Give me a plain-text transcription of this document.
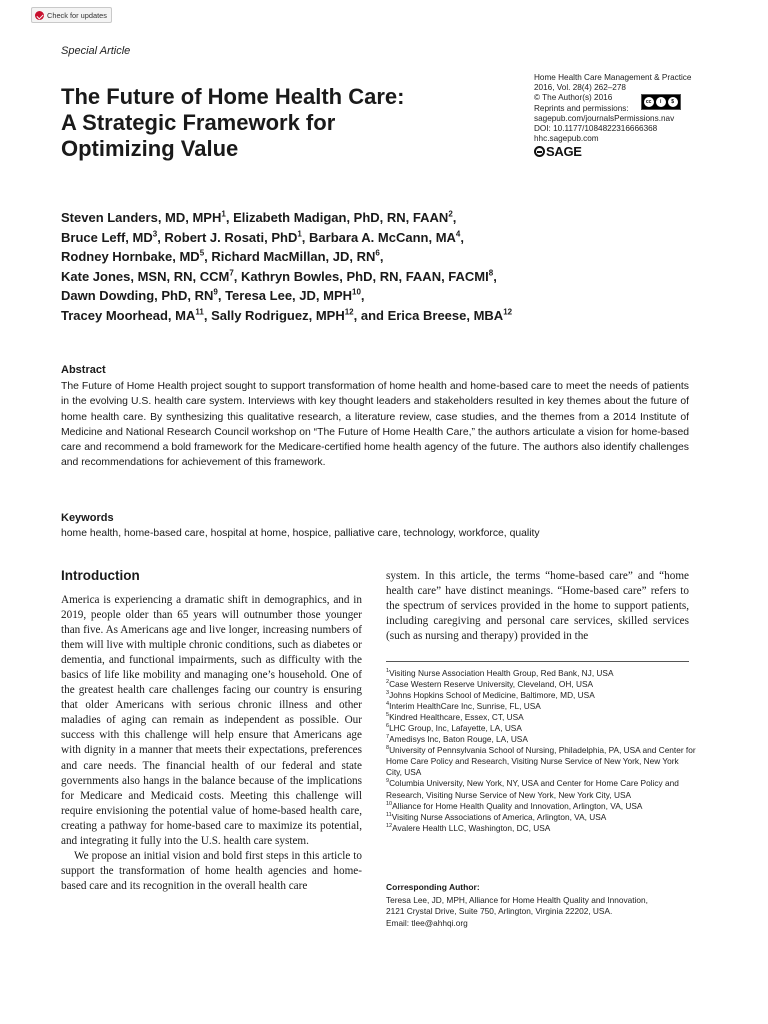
Check for updates
Special Article
The Future of Home Health Care:
A Strategic Framework for
Optimizing Value
Home Health Care Management & Practice
2016, Vol. 28(4) 262–278
© The Author(s) 2016
Reprints and permissions:
cc	i	$
sagepub.com/journalsPermissions.nav
DOI: 10.1177/1084822316666368
hhc.sagepub.com
SAGE
Steven Landers, MD, MPH$^1$, Elizabeth Madigan, PhD, RN, FAAN$^2$,
Bruce Leff, $MD^3$, Robert J. Rosati, PhD$^1$, Barbara A. McCann, $MA^4$,
Rodney Hornbake, $MD^5$, Richard MacMillan, JD, $RN^6$,
Kate Jones, MSN, RN, CCM$^7$, Kathryn Bowles, PhD, RN, FAAN, FACMI$^8$,
Dawn Dowding, PhD, $RN^9$, Teresa Lee, JD, MPH$^{10}$,
Tracey Moorhead, MA$^{11}$, Sally Rodriguez, MPH$^{12}$, and Erica Breese, MBA$^{12}$
Abstract

The Future of Home Health project sought to support transformation of home health and home-based care to meet the needs of patients in the evolving U.S. health care system. Interviews with key thought leaders and stakeholders resulted in key themes about the future of home health care. By synthesizing this qualitative research, a literature review, case studies, and the themes from a 2014 Institute of Medicine and National Research Council workshop on “The Future of Home Health Care,” the authors articulate a vision for home-based care and recommend a bold framework for the Medicare-certified home health agency of the future. The authors also identify challenges and recommendations for achievement of this framework.

Keywords
home health, home-based care, hospital at home, hospice, palliative care, technology, workforce, quality
Introduction

America is experiencing a dramatic shift in demographics, and in 2019, people older than 65 years will outnumber those younger than five. As Americans age and live longer, increasing numbers of them will live with multiple chronic conditions, such as diabetes or dementia, and functional impairments, such as difficulty with the basics of life like mobility and managing one’s household. One of the greatest health care challenges facing our country is ensuring that older Americans with serious chronic illness and other maladies of aging can remain as independent as possible. Our success with this challenge will help ensure that Americans age with dignity in a manner that meets their expectations, preferences and care needs. The financial health of our federal and state governments also hangs in the balance because of the implications for Medicare and Medicaid costs. Meeting this challenge will require envisioning the potential value of home-based health care, creating a pathway for home-based care to maximize its potential, and integrating it fully into the U.S. health care system.

We propose an initial vision and bold first steps in this article to support the transformation of home health agencies and home-based care and its recognition in the overall health care

system. In this article, the terms “home-based care” and “home health care” have distinct meanings. “Home-based care” refers to the spectrum of services provided in the home to support patients, including caregiving and personal care services, skilled services (such as nursing and therapy) provided in the

$^1$Visiting Nurse Association Health Group, Red Bank, NJ, USA
$^2$Case Western Reserve University, Cleveland, OH, USA
$^3$Johns Hopkins School of Medicine, Baltimore, MD, USA
$^4$Interim HealthCare Inc, Sunrise, FL, USA
$^5$Kindred Healthcare, Essex, CT, USA
$^6$LHC Group, Inc, Lafayette, LA, USA
$^7$Amedisys Inc, Baton Rouge, LA, USA
$^8$University of Pennsylvania School of Nursing, Philadelphia, PA, USA and Center for Home Care Policy and Research, Visiting Nurse Service of New York, New York City, USA
$^9$Columbia University, New York, NY, USA and Center for Home Care Policy and Research, Visiting Nurse Service of New York, New York City, USA
$^{10}$Alliance for Home Health Quality and Innovation, Arlington, VA, USA
$^{11}$Visiting Nurse Associations of America, Arlington, VA, USA
$^{12}$Avalere Health LLC, Washington, DC, USA
Corresponding Author:
Teresa Lee, JD, MPH, Alliance for Home Health Quality and Innovation,
2121 Crystal Drive, Suite 750, Arlington, Virginia 22202, USA.
Email: tlee@ahhqi.org
